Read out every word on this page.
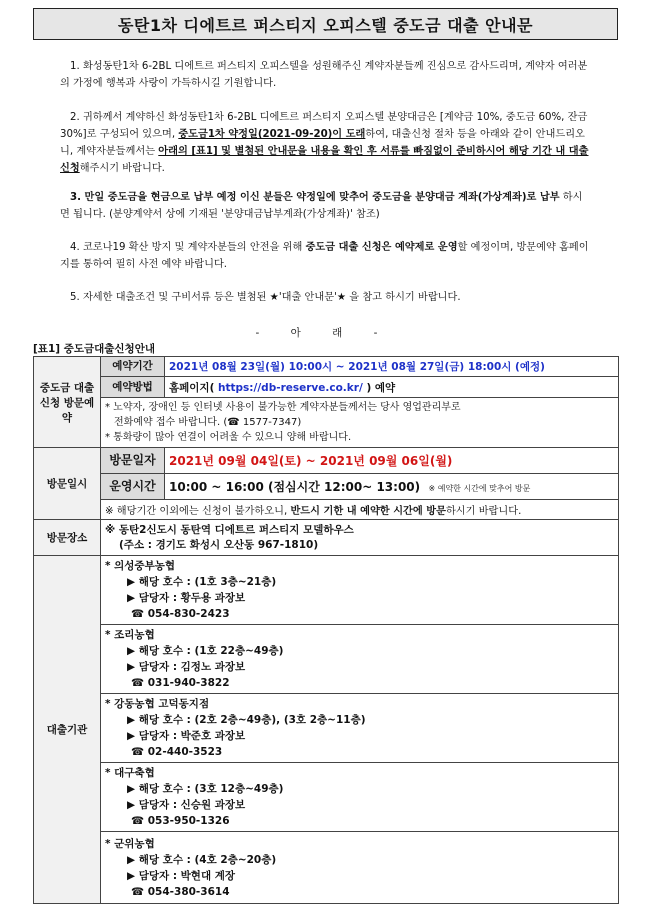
동탄1차 디에트르 퍼스티지 오피스텔 중도금 대출 안내문
1. 화성동탄1차 6-2BL 디에트르 퍼스티지 오피스텔을 성원해주신 계약자분들께 진심으로 감사드리며, 계약자 여러분의 가정에 행복과 사랑이 가득하시길 기원합니다.
2. 귀하께서 계약하신 화성동탄1차 6-2BL 디에트르 퍼스티지 오피스텔 분양대금은 [계약금 10%, 중도금 60%, 잔금 30%]로 구성되어 있으며, 중도금1차 약정일(2021-09-20)이 도래하여, 대출신청 절차 등을 아래와 같이 안내드리오니, 계약자분들께서는 아래의 [표1] 및 별첨된 안내문을 내용을 확인 후 서류를 빠짐없이 준비하시어 해당 기간 내 대출 신청해주시기 바랍니다.
3. 만일 중도금을 현금으로 납부 예정 이신 분들은 약정일에 맞추어 중도금을 분양대금 계좌(가상계좌)로 납부 하시면 됩니다. (분양계약서 상에 기재된 '분양대금납부계좌(가상계좌)' 참조)
4. 코로나19 확산 방지 및 계약자분들의 안전을 위해 중도금 대출 신청은 예약제로 운영할 예정이며, 방문예약 홈페이지를 통하여 필히 사전 예약 바랍니다.
5. 자세한 대출조건 및 구비서류 등은 별첨된 ★'대출 안내문'★ 을 참고 하시기 바랍니다.
- 아 래 -
[표1] 중도금대출신청안내
중도금 대출신청 방문예약	예약기간	2021년 08월 23일(월) 10:00시 ~ 2021년 08월 27일(금) 18:00시 (예정)
	예약방법	홈페이지( https://db-reserve.co.kr/ ) 예약

	* 노약자, 장애인 등 인터넷 사용이 불가능한 계약자분들께서는 당사 영업관리부로
전화예약 접수 바랍니다. (☎ 1577-7347)
* 통화량이 많아 연결이 어려울 수 있으니 양해 바랍니다.	

방문일시	방문일자	2021년 09월 04일(토) ~ 2021년 09월 06일(월)
	운영시간	10:00 ~ 16:00 (점심시간 12:00~ 13:00) ※ 예약한 시간에 맞추어 방문
	※ 해당기간 이외에는 신청이 불가하오니, 반드시 기한 내 예약한 시간에 방문하시기 바랍니다.	
방문장소	※ 동탄2신도시 동탄역 디에트르 퍼스티지 모델하우스
(주소 : 경기도 화성시 오산동 967-1810)	

대출기관	* 의성중부농협
▶ 해당 호수 : (1호 3층~21층)
▶ 담당자 : 황두용 과장보
☎ 054-830-2423	

	* 조리농협
▶ 해당 호수 : (1호 22층~49층)
▶ 담당자 : 김정노 과장보
☎ 031-940-3822	

	* 강동농협 고덕동지점
▶ 해당 호수 : (2호 2층~49층), (3호 2층~11층)
▶ 담당자 : 박준호 과장보
☎ 02-440-3523	

	* 대구축협
▶ 해당 호수 : (3호 12층~49층)
▶ 담당자 : 신승원 과장보
☎ 053-950-1326	

	* 군위농협
▶ 해당 호수 : (4호 2층~20층)
▶ 담당자 : 박현대 계장
☎ 054-380-3614	
